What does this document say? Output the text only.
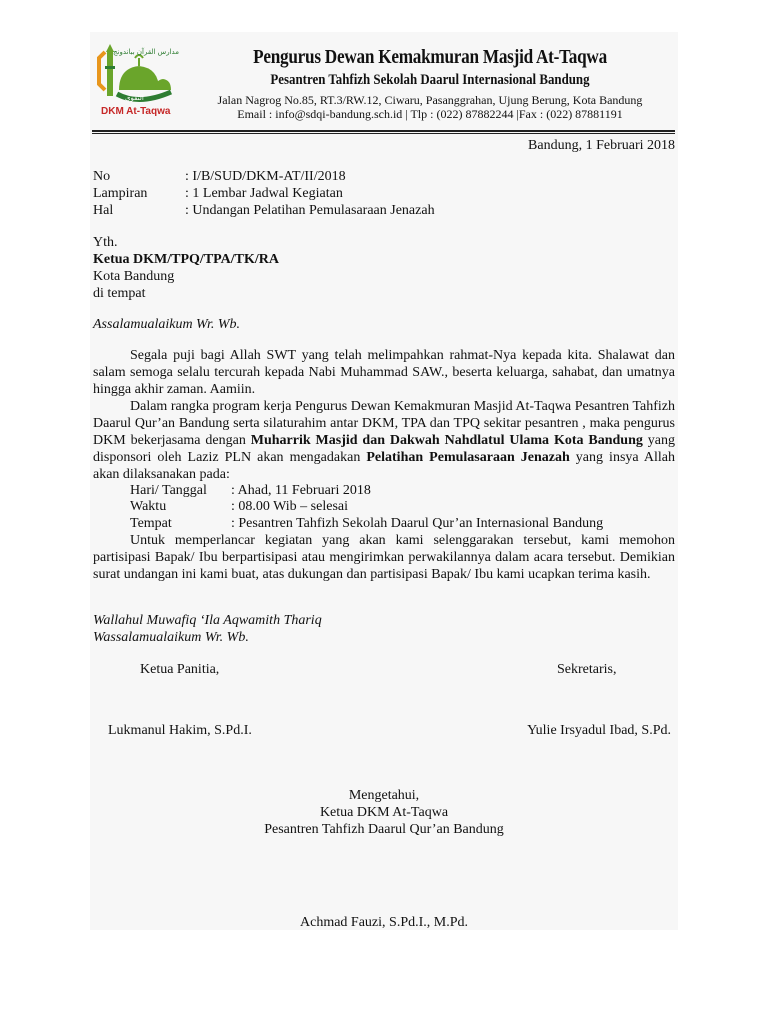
مدارس القرآن بباندونج
التقوى
DKM At-Taqwa
Pengurus Dewan Kemakmuran Masjid At-Taqwa
Pesantren Tahfizh Sekolah Daarul Internasional Bandung
Jalan Nagrog No.85, RT.3/RW.12, Ciwaru, Pasanggrahan, Ujung Berung, Kota Bandung
Email : info@sdqi-bandung.sch.id | Tlp : (022) 87882244 |Fax : (022) 87881191
Bandung, 1 Februari 2018
No	: I/B/SUD/DKM-AT/II/2018
Lampiran	: 1 Lembar Jadwal Kegiatan
Hal	: Undangan Pelatihan Pemulasaraan Jenazah
Yth.
Ketua DKM/TPQ/TPA/TK/RA
Kota Bandung
di tempat
Assalamualaikum Wr. Wb.
Segala puji bagi Allah SWT yang telah melimpahkan rahmat-Nya kepada kita. Shalawat dan salam semoga selalu tercurah kepada Nabi Muhammad SAW., beserta keluarga, sahabat, dan umatnya hingga akhir zaman. Aamiin.
Dalam rangka program kerja Pengurus Dewan Kemakmuran Masjid At-Taqwa Pesantren Tahfizh Daarul Qur’an Bandung serta silaturahim antar DKM, TPA dan TPQ sekitar pesantren , maka pengurus DKM bekerjasama dengan Muharrik Masjid dan Dakwah Nahdlatul Ulama Kota Bandung yang disponsori oleh Laziz PLN akan mengadakan Pelatihan Pemulasaraan Jenazah yang insya Allah akan dilaksanakan pada:
Hari/ Tanggal : Ahad, 11 Februari 2018
Waktu	: 08.00 Wib – selesai
Tempat	: Pesantren Tahfizh Sekolah Daarul Qur’an Internasional Bandung
Untuk memperlancar kegiatan yang akan kami selenggarakan tersebut, kami memohon partisipasi Bapak/ Ibu berpartisipasi atau mengirimkan perwakilannya dalam acara tersebut. Demikian surat undangan ini kami buat, atas dukungan dan partisipasi Bapak/ Ibu kami ucapkan terima kasih.
Wallahul Muwafiq ‘Ila Aqwamith Thariq
Wassalamualaikum Wr. Wb.
Ketua Panitia,	Sekretaris,
Lukmanul Hakim, S.Pd.I.	Yulie Irsyadul Ibad, S.Pd.
Mengetahui,
Ketua DKM At-Taqwa
Pesantren Tahfizh Daarul Qur’an Bandung
Achmad Fauzi, S.Pd.I., M.Pd.
